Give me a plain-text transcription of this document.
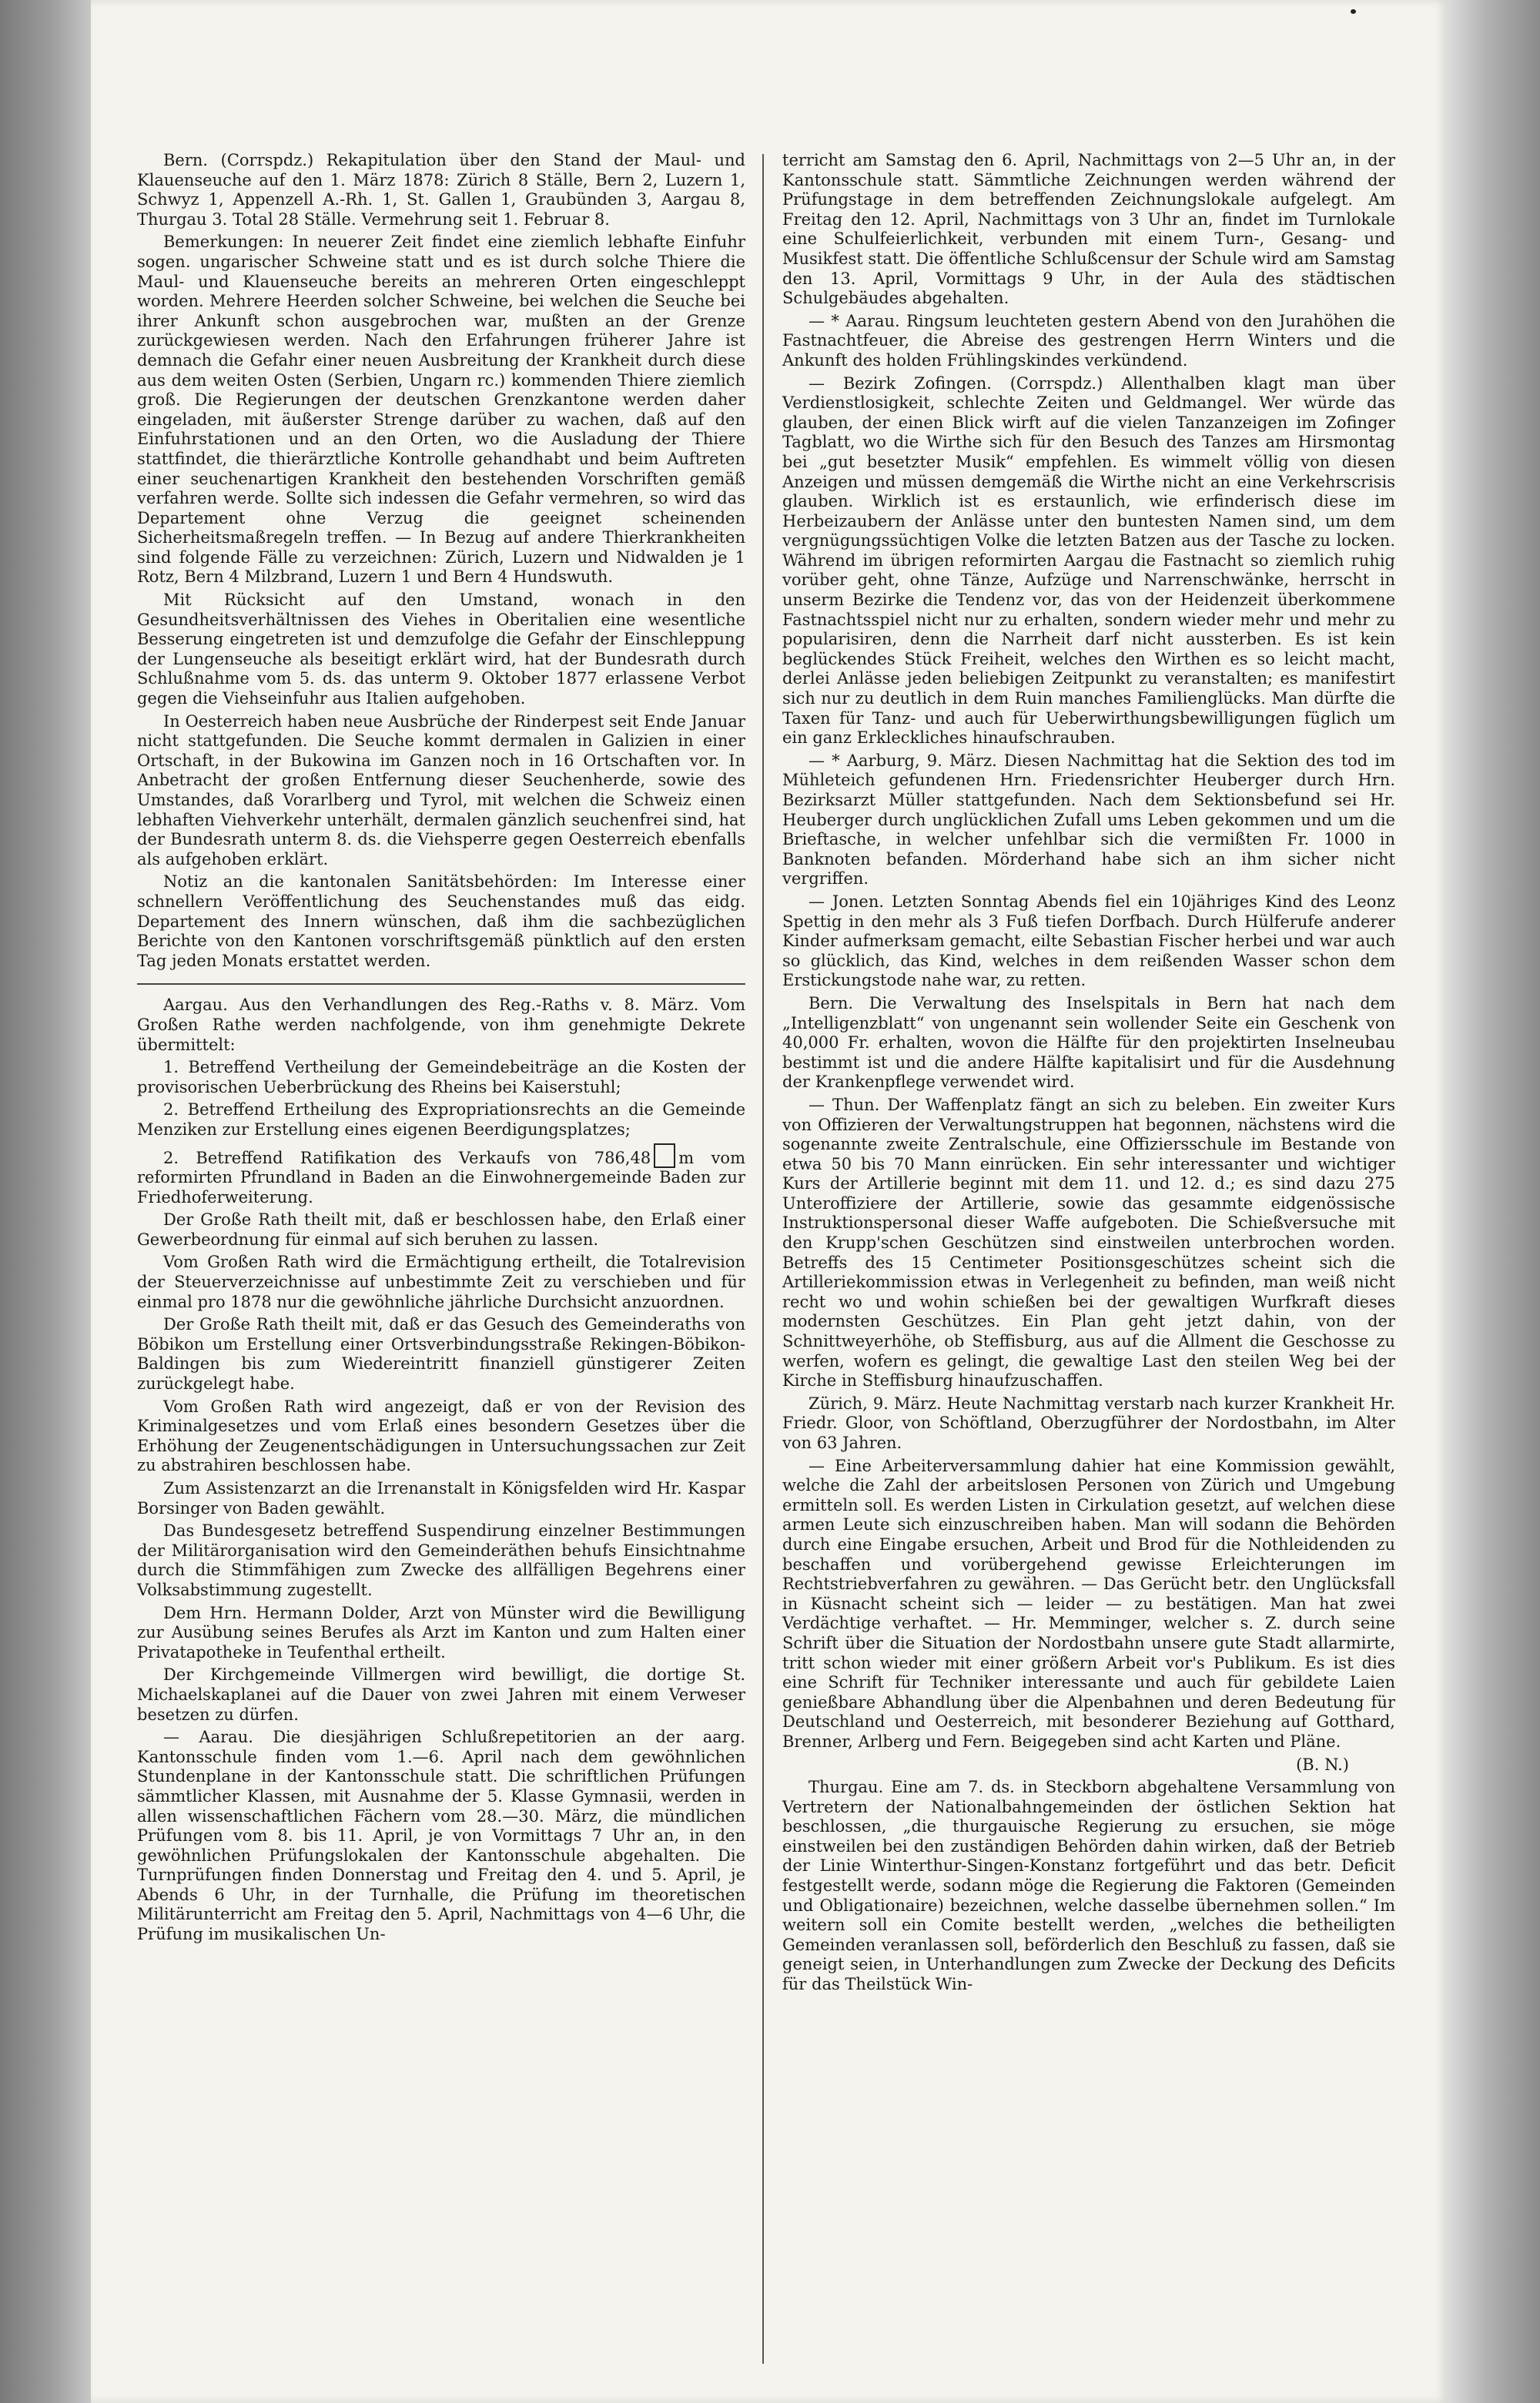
Bern. (Corrspdz.) Rekapitulation über den Stand der Maul- und Klauenseuche auf den 1. März 1878: Zürich 8 Ställe, Bern 2, Luzern 1, Schwyz 1, Appenzell A.-Rh. 1, St. Gallen 1, Graubünden 3, Aargau 8, Thurgau 3. Total 28 Ställe. Vermehrung seit 1. Februar 8.

Bemerkungen: In neuerer Zeit findet eine ziemlich lebhafte Einfuhr sogen. ungarischer Schweine statt und es ist durch solche Thiere die Maul- und Klauenseuche bereits an mehreren Orten eingeschleppt worden. Mehrere Heerden solcher Schweine, bei welchen die Seuche bei ihrer Ankunft schon ausgebrochen war, mußten an der Grenze zurückgewiesen werden. Nach den Erfahrungen früherer Jahre ist demnach die Gefahr einer neuen Ausbreitung der Krankheit durch diese aus dem weiten Osten (Serbien, Ungarn rc.) kommenden Thiere ziemlich groß. Die Regierungen der deutschen Grenzkantone werden daher eingeladen, mit äußerster Strenge darüber zu wachen, daß auf den Einfuhrstationen und an den Orten, wo die Ausladung der Thiere stattfindet, die thierärztliche Kontrolle gehandhabt und beim Auftreten einer seuchenartigen Krankheit den bestehenden Vorschriften gemäß verfahren werde. Sollte sich indessen die Gefahr vermehren, so wird das Departement ohne Verzug die geeignet scheinenden Sicherheitsmaßregeln treffen. — In Bezug auf andere Thierkrankheiten sind folgende Fälle zu verzeichnen: Zürich, Luzern und Nidwalden je 1 Rotz, Bern 4 Milzbrand, Luzern 1 und Bern 4 Hundswuth.

Mit Rücksicht auf den Umstand, wonach in den Gesundheitsverhältnissen des Viehes in Oberitalien eine wesentliche Besserung eingetreten ist und demzufolge die Gefahr der Einschleppung der Lungenseuche als beseitigt erklärt wird, hat der Bundesrath durch Schlußnahme vom 5. ds. das unterm 9. Oktober 1877 erlassene Verbot gegen die Viehseinfuhr aus Italien aufgehoben.

In Oesterreich haben neue Ausbrüche der Rinderpest seit Ende Januar nicht stattgefunden. Die Seuche kommt dermalen in Galizien in einer Ortschaft, in der Bukowina im Ganzen noch in 16 Ortschaften vor. In Anbetracht der großen Entfernung dieser Seuchenherde, sowie des Umstandes, daß Vorarlberg und Tyrol, mit welchen die Schweiz einen lebhaften Viehverkehr unterhält, dermalen gänzlich seuchenfrei sind, hat der Bundesrath unterm 8. ds. die Viehsperre gegen Oesterreich ebenfalls als aufgehoben erklärt.

Notiz an die kantonalen Sanitätsbehörden: Im Interesse einer schnellern Veröffentlichung des Seuchenstandes muß das eidg. Departement des Innern wünschen, daß ihm die sachbezüglichen Berichte von den Kantonen vorschriftsgemäß pünktlich auf den ersten Tag jeden Monats erstattet werden.

Aargau. Aus den Verhandlungen des Reg.-Raths v. 8. März. Vom Großen Rathe werden nachfolgende, von ihm genehmigte Dekrete übermittelt:

1. Betreffend Vertheilung der Gemeindebeiträge an die Kosten der provisorischen Ueberbrückung des Rheins bei Kaiserstuhl;

2. Betreffend Ertheilung des Expropriationsrechts an die Gemeinde Menziken zur Erstellung eines eigenen Beerdigungsplatzes;

2. Betreffend Ratifikation des Verkaufs von 786,48 m vom reformirten Pfrundland in Baden an die Einwohnergemeinde Baden zur Friedhoferweiterung.

Der Große Rath theilt mit, daß er beschlossen habe, den Erlaß einer Gewerbeordnung für einmal auf sich beruhen zu lassen.

Vom Großen Rath wird die Ermächtigung ertheilt, die Totalrevision der Steuerverzeichnisse auf unbestimmte Zeit zu verschieben und für einmal pro 1878 nur die gewöhnliche jährliche Durchsicht anzuordnen.

Der Große Rath theilt mit, daß er das Gesuch des Gemeinderaths von Böbikon um Erstellung einer Ortsverbindungsstraße Rekingen-Böbikon-Baldingen bis zum Wiedereintritt finanziell günstigerer Zeiten zurückgelegt habe.

Vom Großen Rath wird angezeigt, daß er von der Revision des Kriminalgesetzes und vom Erlaß eines besondern Gesetzes über die Erhöhung der Zeugenentschädigungen in Untersuchungssachen zur Zeit zu abstrahiren beschlossen habe.

Zum Assistenzarzt an die Irrenanstalt in Königsfelden wird Hr. Kaspar Borsinger von Baden gewählt.

Das Bundesgesetz betreffend Suspendirung einzelner Bestimmungen der Militärorganisation wird den Gemeinderäthen behufs Einsichtnahme durch die Stimmfähigen zum Zwecke des allfälligen Begehrens einer Volksabstimmung zugestellt.

Dem Hrn. Hermann Dolder, Arzt von Münster wird die Bewilligung zur Ausübung seines Berufes als Arzt im Kanton und zum Halten einer Privatapotheke in Teufenthal ertheilt.

Der Kirchgemeinde Villmergen wird bewilligt, die dortige St. Michaelskaplanei auf die Dauer von zwei Jahren mit einem Verweser besetzen zu dürfen.

— Aarau. Die diesjährigen Schlußrepetitorien an der aarg. Kantonsschule finden vom 1.—6. April nach dem gewöhnlichen Stundenplane in der Kantonsschule statt. Die schriftlichen Prüfungen sämmtlicher Klassen, mit Ausnahme der 5. Klasse Gymnasii, werden in allen wissenschaftlichen Fächern vom 28.—30. März, die mündlichen Prüfungen vom 8. bis 11. April, je von Vormittags 7 Uhr an, in den gewöhnlichen Prüfungslokalen der Kantonsschule abgehalten. Die Turnprüfungen finden Donnerstag und Freitag den 4. und 5. April, je Abends 6 Uhr, in der Turnhalle, die Prüfung im theoretischen Militärunterricht am Freitag den 5. April, Nachmittags von 4—6 Uhr, die Prüfung im musikalischen Un-

terricht am Samstag den 6. April, Nachmittags von 2—5 Uhr an, in der Kantonsschule statt. Sämmtliche Zeichnungen werden während der Prüfungstage in dem betreffenden Zeichnungslokale aufgelegt. Am Freitag den 12. April, Nachmittags von 3 Uhr an, findet im Turnlokale eine Schulfeierlichkeit, verbunden mit einem Turn-, Gesang- und Musikfest statt. Die öffentliche Schlußcensur der Schule wird am Samstag den 13. April, Vormittags 9 Uhr, in der Aula des städtischen Schulgebäudes abgehalten.

— * Aarau. Ringsum leuchteten gestern Abend von den Jurahöhen die Fastnachtfeuer, die Abreise des gestrengen Herrn Winters und die Ankunft des holden Frühlingskindes verkündend.

— Bezirk Zofingen. (Corrspdz.) Allenthalben klagt man über Verdienstlosigkeit, schlechte Zeiten und Geldmangel. Wer würde das glauben, der einen Blick wirft auf die vielen Tanzanzeigen im Zofinger Tagblatt, wo die Wirthe sich für den Besuch des Tanzes am Hirsmontag bei „gut besetzter Musik“ empfehlen. Es wimmelt völlig von diesen Anzeigen und müssen demgemäß die Wirthe nicht an eine Verkehrscrisis glauben. Wirklich ist es erstaunlich, wie erfinderisch diese im Herbeizaubern der Anlässe unter den buntesten Namen sind, um dem vergnügungssüchtigen Volke die letzten Batzen aus der Tasche zu locken. Während im übrigen reformirten Aargau die Fastnacht so ziemlich ruhig vorüber geht, ohne Tänze, Aufzüge und Narrenschwänke, herrscht in unserm Bezirke die Tendenz vor, das von der Heidenzeit überkommene Fastnachtsspiel nicht nur zu erhalten, sondern wieder mehr und mehr zu popularisiren, denn die Narrheit darf nicht aussterben. Es ist kein beglückendes Stück Freiheit, welches den Wirthen es so leicht macht, derlei Anlässe jeden beliebigen Zeitpunkt zu veranstalten; es manifestirt sich nur zu deutlich in dem Ruin manches Familienglücks. Man dürfte die Taxen für Tanz- und auch für Ueberwirthungsbewilligungen füglich um ein ganz Erkleckliches hinaufschrauben.

— * Aarburg, 9. März. Diesen Nachmittag hat die Sektion des tod im Mühleteich gefundenen Hrn. Friedensrichter Heuberger durch Hrn. Bezirksarzt Müller stattgefunden. Nach dem Sektionsbefund sei Hr. Heuberger durch unglücklichen Zufall ums Leben gekommen und um die Brieftasche, in welcher unfehlbar sich die vermißten Fr. 1000 in Banknoten befanden. Mörderhand habe sich an ihm sicher nicht vergriffen.

— Jonen. Letzten Sonntag Abends fiel ein 10jähriges Kind des Leonz Spettig in den mehr als 3 Fuß tiefen Dorfbach. Durch Hülferufe anderer Kinder aufmerksam gemacht, eilte Sebastian Fischer herbei und war auch so glücklich, das Kind, welches in dem reißenden Wasser schon dem Erstickungstode nahe war, zu retten.

Bern. Die Verwaltung des Inselspitals in Bern hat nach dem „Intelligenzblatt“ von ungenannt sein wollender Seite ein Geschenk von 40,000 Fr. erhalten, wovon die Hälfte für den projektirten Inselneubau bestimmt ist und die andere Hälfte kapitalisirt und für die Ausdehnung der Krankenpflege verwendet wird.

— Thun. Der Waffenplatz fängt an sich zu beleben. Ein zweiter Kurs von Offizieren der Verwaltungstruppen hat begonnen, nächstens wird die sogenannte zweite Zentralschule, eine Offiziersschule im Bestande von etwa 50 bis 70 Mann einrücken. Ein sehr interessanter und wichtiger Kurs der Artillerie beginnt mit dem 11. und 12. d.; es sind dazu 275 Unteroffiziere der Artillerie, sowie das gesammte eidgenössische Instruktionspersonal dieser Waffe aufgeboten. Die Schießversuche mit den Krupp'schen Geschützen sind einstweilen unterbrochen worden. Betreffs des 15 Centimeter Positionsgeschützes scheint sich die Artilleriekommission etwas in Verlegenheit zu befinden, man weiß nicht recht wo und wohin schießen bei der gewaltigen Wurfkraft dieses modernsten Geschützes. Ein Plan geht jetzt dahin, von der Schnittweyerhöhe, ob Steffisburg, aus auf die Allment die Geschosse zu werfen, wofern es gelingt, die gewaltige Last den steilen Weg bei der Kirche in Steffisburg hinaufzuschaffen.

Zürich, 9. März. Heute Nachmittag verstarb nach kurzer Krankheit Hr. Friedr. Gloor, von Schöftland, Oberzugführer der Nordostbahn, im Alter von 63 Jahren.

— Eine Arbeiterversammlung dahier hat eine Kommission gewählt, welche die Zahl der arbeitslosen Personen von Zürich und Umgebung ermitteln soll. Es werden Listen in Cirkulation gesetzt, auf welchen diese armen Leute sich einzuschreiben haben. Man will sodann die Behörden durch eine Eingabe ersuchen, Arbeit und Brod für die Nothleidenden zu beschaffen und vorübergehend gewisse Erleichterungen im Rechtstriebverfahren zu gewähren. — Das Gerücht betr. den Unglücksfall in Küsnacht scheint sich — leider — zu bestätigen. Man hat zwei Verdächtige verhaftet. — Hr. Memminger, welcher s. Z. durch seine Schrift über die Situation der Nordostbahn unsere gute Stadt allarmirte, tritt schon wieder mit einer größern Arbeit vor's Publikum. Es ist dies eine Schrift für Techniker interessante und auch für gebildete Laien genießbare Abhandlung über die Alpenbahnen und deren Bedeutung für Deutschland und Oesterreich, mit besonderer Beziehung auf Gotthard, Brenner, Arlberg und Fern. Beigegeben sind acht Karten und Pläne.

(B. N.)

Thurgau. Eine am 7. ds. in Steckborn abgehaltene Versammlung von Vertretern der Nationalbahngemeinden der östlichen Sektion hat beschlossen, „die thurgauische Regierung zu ersuchen, sie möge einstweilen bei den zuständigen Behörden dahin wirken, daß der Betrieb der Linie Winterthur-Singen-Konstanz fortgeführt und das betr. Deficit festgestellt werde, sodann möge die Regierung die Faktoren (Gemeinden und Obligationaire) bezeichnen, welche dasselbe übernehmen sollen.“ Im weitern soll ein Comite bestellt werden, „welches die betheiligten Gemeinden veranlassen soll, beförderlich den Beschluß zu fassen, daß sie geneigt seien, in Unterhandlungen zum Zwecke der Deckung des Deficits für das Theilstück Win-
